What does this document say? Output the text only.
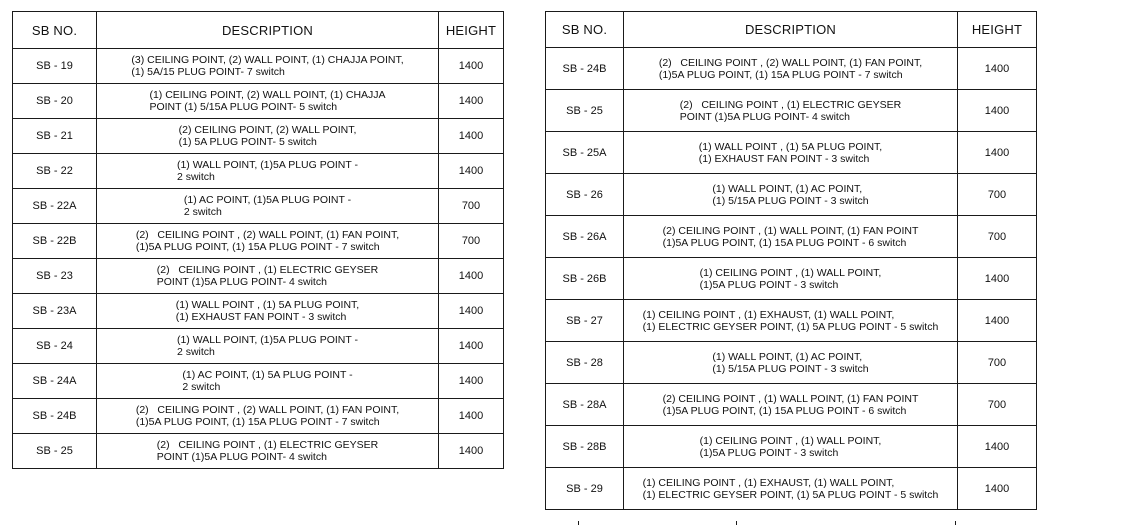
SB NO.	DESCRIPTION	HEIGHT
SB - 19	(3) CEILING POINT, (2) WALL POINT, (1) CHAJJA POINT,
(1) 5A/15 PLUG POINT- 7 switch	1400
SB - 20	(1) CEILING POINT, (2) WALL POINT, (1) CHAJJA
POINT (1) 5/15A PLUG POINT- 5 switch	1400
SB - 21	(2) CEILING POINT, (2) WALL POINT,
(1) 5A PLUG POINT- 5 switch	1400
SB - 22	(1) WALL POINT, (1)5A PLUG POINT -
2 switch	1400
SB - 22A	(1) AC POINT, (1)5A PLUG POINT -
2 switch	700
SB - 22B	(2)   CEILING POINT , (2) WALL POINT, (1) FAN POINT,
(1)5A PLUG POINT, (1) 15A PLUG POINT - 7 switch	700
SB - 23	(2)   CEILING POINT , (1) ELECTRIC GEYSER
POINT (1)5A PLUG POINT- 4 switch	1400
SB - 23A	(1) WALL POINT , (1) 5A PLUG POINT,
(1) EXHAUST FAN POINT - 3 switch	1400
SB - 24	(1) WALL POINT, (1)5A PLUG POINT -
2 switch	1400
SB - 24A	(1) AC POINT, (1) 5A PLUG POINT -
2 switch	1400
SB - 24B	(2)   CEILING POINT , (2) WALL POINT, (1) FAN POINT,
(1)5A PLUG POINT, (1) 15A PLUG POINT - 7 switch	1400
SB - 25	(2)   CEILING POINT , (1) ELECTRIC GEYSER
POINT (1)5A PLUG POINT- 4 switch	1400
SB NO.	DESCRIPTION	HEIGHT
SB - 24B	(2)   CEILING POINT , (2) WALL POINT, (1) FAN POINT,
(1)5A PLUG POINT, (1) 15A PLUG POINT - 7 switch	1400
SB - 25	(2)   CEILING POINT , (1) ELECTRIC GEYSER
POINT (1)5A PLUG POINT- 4 switch	1400
SB - 25A	(1) WALL POINT , (1) 5A PLUG POINT,
(1) EXHAUST FAN POINT - 3 switch	1400
SB - 26	(1) WALL POINT, (1) AC POINT,
(1) 5/15A PLUG POINT - 3 switch	700
SB - 26A	(2) CEILING POINT , (1) WALL POINT, (1) FAN POINT
(1)5A PLUG POINT, (1) 15A PLUG POINT - 6 switch	700
SB - 26B	(1) CEILING POINT , (1) WALL POINT,
(1)5A PLUG POINT - 3 switch	1400
SB - 27	(1) CEILING POINT , (1) EXHAUST, (1) WALL POINT,
(1) ELECTRIC GEYSER POINT, (1) 5A PLUG POINT - 5 switch	1400
SB - 28	(1) WALL POINT, (1) AC POINT,
(1) 5/15A PLUG POINT - 3 switch	700
SB - 28A	(2) CEILING POINT , (1) WALL POINT, (1) FAN POINT
(1)5A PLUG POINT, (1) 15A PLUG POINT - 6 switch	700
SB - 28B	(1) CEILING POINT , (1) WALL POINT,
(1)5A PLUG POINT - 3 switch	1400
SB - 29	(1) CEILING POINT , (1) EXHAUST, (1) WALL POINT,
(1) ELECTRIC GEYSER POINT, (1) 5A PLUG POINT - 5 switch	1400
